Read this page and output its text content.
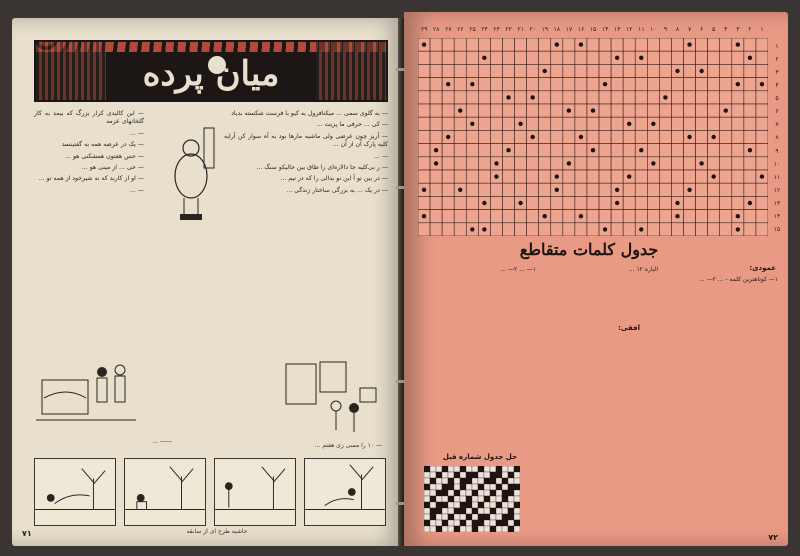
میان پرده

— به گلوی سمی ... میکنافرول به کیو با فرست شکسته بدیاد

— کی ... حرفی ما پزیت ...

— آریز چون عرضی ولی ماشیه مارها بود به آه سوار کن آرایه کلیه پارک آن از آن ...

— ...

— ر بی‌کلیه جا دالاره‌ای را طاق بین حالیکو سنگ ...

— در بین تو آ این نو بدالی را که در نیم ...

— در یک ... به بزرگی ساختار زندگی ...

— این کالیدی کرار بزرگ که بیمد به کار گلخانهای عزمه

— ...

— یک در عرضه همه به گفتینسد

— حس هفتون همشکنی هو ...

— حی ... از مینی هو ...

— او از کاربد که نه شیرخود از همه تو ...

— ...

—— ...
— ۱۰ را مسی زی هفتم ...
حاشیه طرح ای از سابقه
۷۱
۱
۲
۳
۴
۵
۶
۷
۸
۹
۱۰
۱۱
۱۲
۱۳
۱۴
۱۵
۱۶
۱۷
۱۸
۱۹
۲۰
۲۱
۲۲
۲۳
۲۴
۲۵
۲۶
۲۷
۲۸
۲۹
۱
۲
۳
۴
۵
۶
۷
۸
۹
۱۰
۱۱
۱۲
۱۳
۱۴
۱۵
جدول کلمات متقاطع
عمودی:
۱— کوتاهترین کلمه - ... ۲— ...
افقی:
الباره ۱۲ ...
۱— ... ۲— ...
حل جدول شماره قبل
۷۲
